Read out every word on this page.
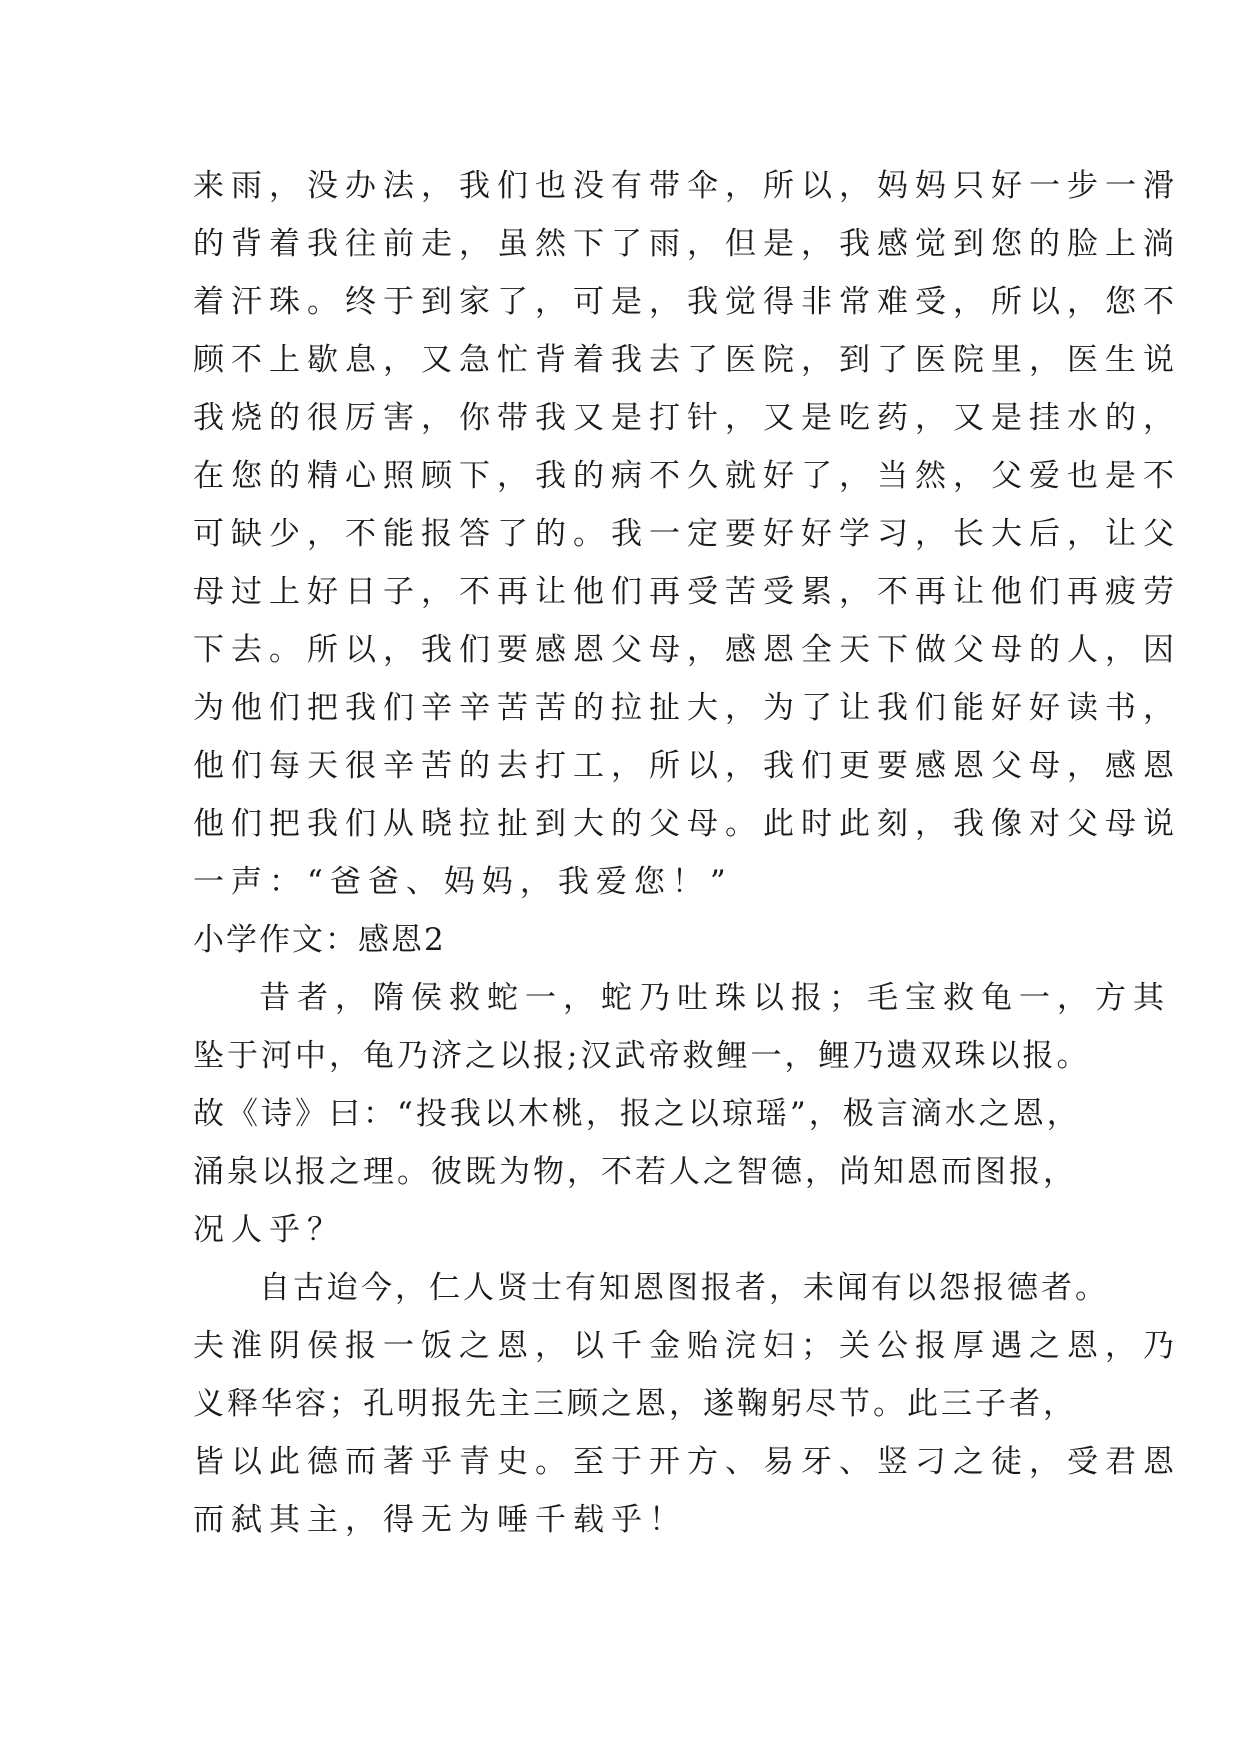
来雨，没办法，我们也没有带伞，所以，妈妈只好一步一滑
的背着我往前走，虽然下了雨，但是，我感觉到您的脸上淌
着汗珠。终于到家了，可是，我觉得非常难受，所以，您不
顾不上歇息，又急忙背着我去了医院，到了医院里，医生说
我烧的很厉害，你带我又是打针，又是吃药，又是挂水的，
在您的精心照顾下，我的病不久就好了，当然，父爱也是不
可缺少，不能报答了的。我一定要好好学习，长大后，让父
母过上好日子，不再让他们再受苦受累，不再让他们再疲劳
下去。所以，我们要感恩父母，感恩全天下做父母的人，因
为他们把我们辛辛苦苦的拉扯大，为了让我们能好好读书，
他们每天很辛苦的去打工，所以，我们更要感恩父母，感恩
他们把我们从晓拉扯到大的父母。此时此刻，我像对父母说
一声：“爸爸、妈妈，我爱您！”
小学作文：感恩2
昔者，隋侯救蛇一，蛇乃吐珠以报；毛宝救龟一，方其
坠于河中，龟乃济之以报;汉武帝救鲤一，鲤乃遗双珠以报。
故《诗》曰：“投我以木桃，报之以琼瑶”，极言滴水之恩，
涌泉以报之理。彼既为物，不若人之智德，尚知恩而图报，
况人乎？
自古迨今，仁人贤士有知恩图报者，未闻有以怨报德者。
夫淮阴侯报一饭之恩，以千金贻浣妇；关公报厚遇之恩，乃
义释华容；孔明报先主三顾之恩，遂鞠躬尽节。此三子者，
皆以此德而著乎青史。至于开方、易牙、竖刁之徒，受君恩
而弑其主，得无为唾千载乎！
